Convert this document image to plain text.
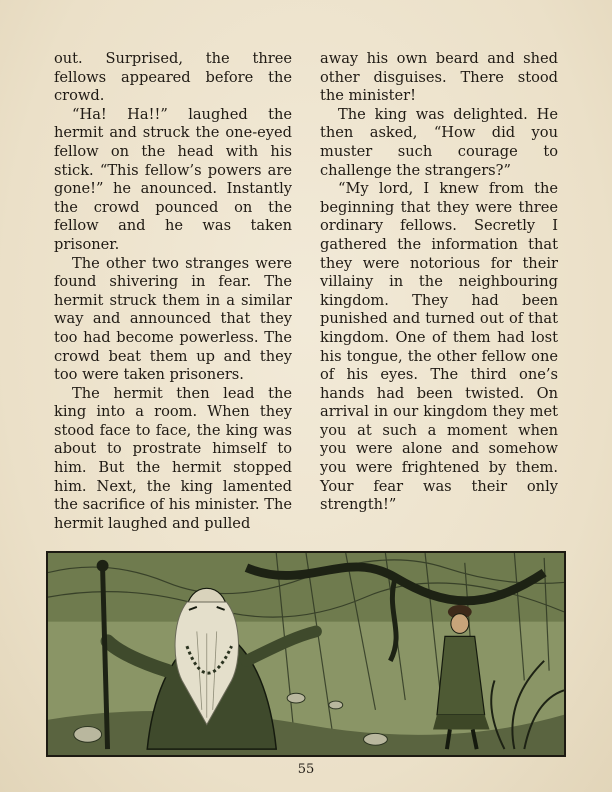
out. Surprised, the three fellows appeared before the crowd.

“Ha! Ha!!” laughed the hermit and struck the one-eyed fellow on the head with his stick. “This fellow’s powers are gone!” he anounced. Instantly the crowd pounced on the fellow and he was taken prisoner.

The other two stranges were found shivering in fear. The hermit struck them in a similar way and announced that they too had become powerless. The crowd beat them up and they too were taken prisoners.

The hermit then lead the king into a room. When they stood face to face, the king was about to prostrate himself to him. But the hermit stopped him. Next, the king lamented the sacrifice of his minister. The hermit laughed and pulled

away his own beard and shed other disguises. There stood the minister!

The king was delighted. He then asked, “How did you muster such courage to challenge the strangers?”

“My lord, I knew from the beginning that they were three ordinary fellows. Secretly I gathered the information that they were notorious for their villainy in the neighbouring kingdom. They had been punished and turned out of that kingdom. One of them had lost his tongue, the other fellow one of his eyes. The third one’s hands had been twisted. On arrival in our kingdom they met you at such a moment when you were alone and somehow you were frightened by them. Your fear was their only strength!”

55
